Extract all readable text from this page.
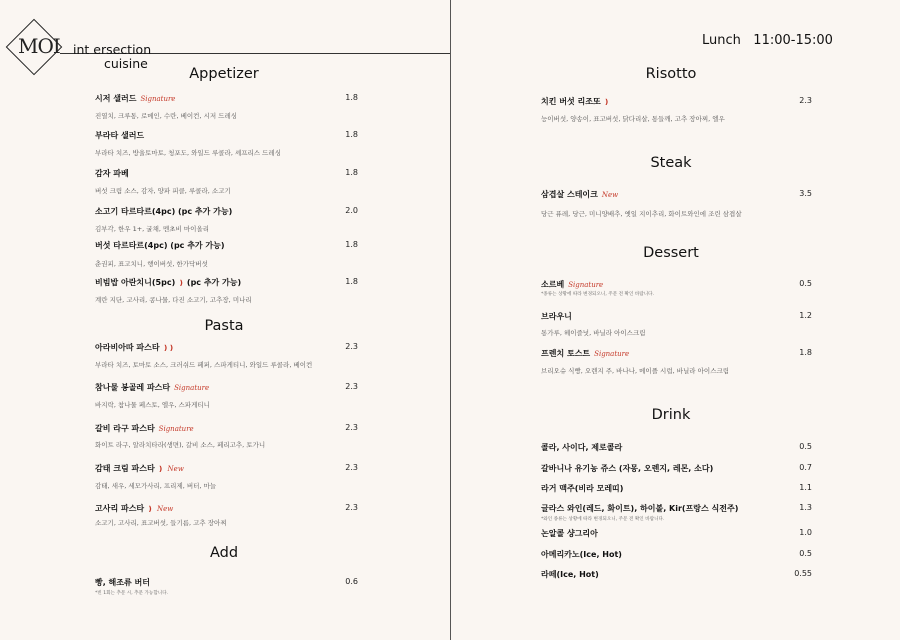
MOI int ersection
cuisine
Lunch 11:00-15:00
Appetizer
시저 샐러드 Signature	1.8
진열치, 크루통, 로메인, 수란, 베이컨, 시저 드레싱
부라타 샐러드	1.8
부라타 치즈, 방울토마토, 청포도, 와일드 루콜라, 셰프리스 드레싱
감자 파베	1.8
버섯 크림 소스, 감자, 양파 피클, 루콜라, 소고기
소고기 타르타르(4pc) (pc 추가 가능)	2.0
김부각, 한우 1+, 굴채, 멘초비 마이올리
버섯 타르타르(4pc) (pc 추가 가능)	1.8
춘권피, 표고치니, 행이버섯, 한가닥버섯
비빔밥 아란치니(5pc) ❫ (pc 추가 가능)	1.8
계란 지단, 고사리, 콩나물, 다진 소고기, 고추장, 미나리
Pasta
아라비아따 파스타 ❫❫	2.3
부라타 치즈, 토마토 소스, 크러쉬드 페퍼, 스파게티니, 와일드 루콜라, 베이컨
참나물 봉골레 파스타 Signature	2.3
바지락, 참나물 페스토, 엘우, 스파게티니
갈비 라구 파스타 Signature	2.3
화이트 라구, 알라치타라(생면), 갈비 소스, 페리고추, 토가니
감태 크림 파스타 ❫ New	2.3
감태, 새우, 세모가사리, 프리제, 버터, 마늘
고사리 파스타 ❫ New	2.3
소고기, 고사리, 표고버섯, 들기름, 고추 장아찌
Add
빵, 해조류 버터	0.6
*빈 1회는 추문 시, 추문 가능합니다.
Risotto
치킨 버섯 리조또 ❫	2.3
능이버섯, 양송이, 표고버섯, 닭다리살, 통들깨, 고추 장아찌, 엘우
Steak
삼겹살 스테이크 New	3.5
당근 퓨레, 당근, 미니양배추, 옛일 지이추리, 화이트와인에 조린 삼겹살
Dessert
소르베 Signature	0.5
*종류는 상황에 따라 변경되오니, 주문 전 확인 바랍니다.
브라우니	1.2
통가루, 헤이즐넛, 바닐라 아이스크림
프렌치 토스트 Signature	1.8
브리오슈 식빵, 오렌지 주, 바나나, 메이플 시럽, 바닐라 아이스크림
Drink
콜라, 사이다, 제로콜라	0.5
갈바니나 유기농 쥬스 (자몽, 오렌지, 레몬, 소다)	0.7
라거 맥주(비라 모레띠)	1.1
글라스 와인(레드, 화이트), 하이볼, Kir(프랑스 식전주)	1.3
*와인 종류는 상황에 따라 변경되오니, 주문 전 확인 바랍니다.
논알콜 샹그리아	1.0
아메리카노(Ice, Hot)	0.5
라떼(Ice, Hot)	0.55
